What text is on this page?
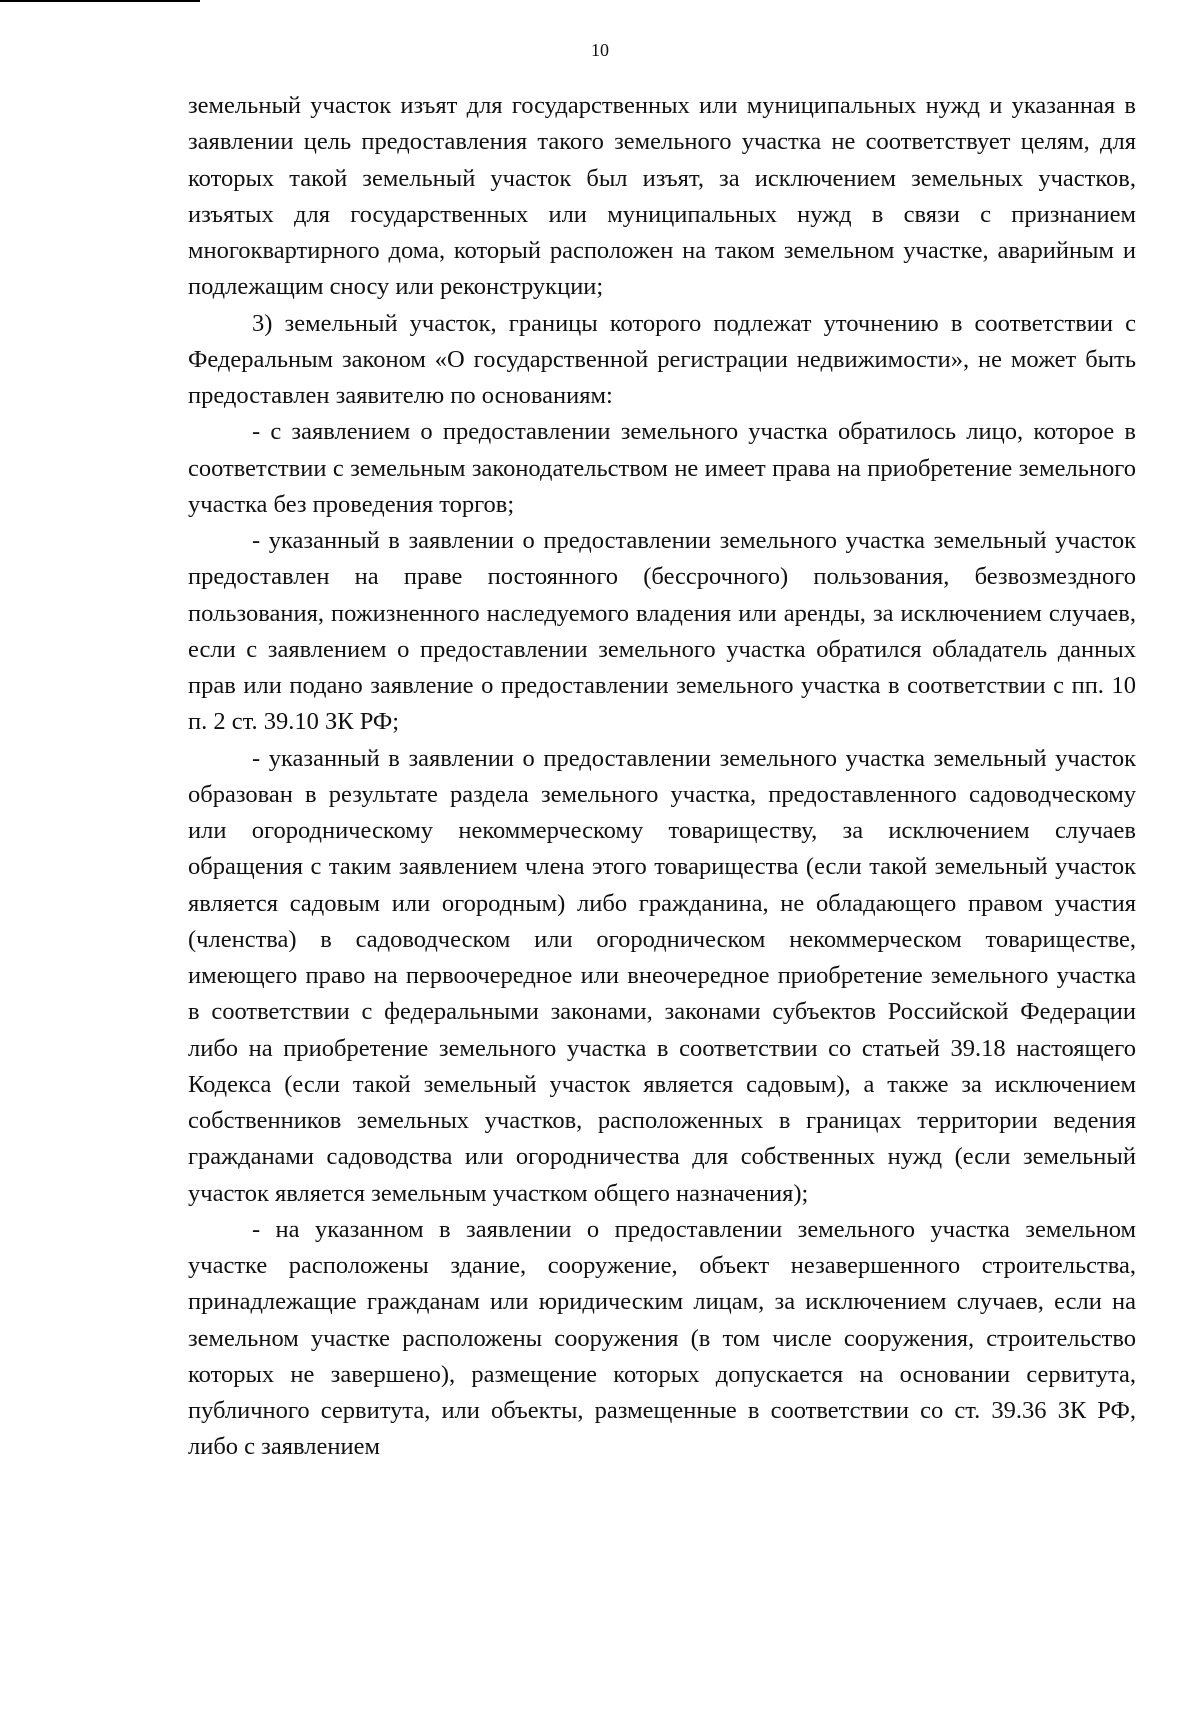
10

земельный участок изъят для государственных или муниципальных нужд и указанная в заявлении цель предоставления такого земельного участка не соответствует целям, для которых такой земельный участок был изъят, за исключением земельных участков, изъятых для государственных или муниципальных нужд в связи с признанием многоквартирного дома, который расположен на таком земельном участке, аварийным и подлежащим сносу или реконструкции;

3) земельный участок, границы которого подлежат уточнению в соответствии с Федеральным законом «О государственной регистрации недвижимости», не может быть предоставлен заявителю по основаниям:

- с заявлением о предоставлении земельного участка обратилось лицо, которое в соответствии с земельным законодательством не имеет права на приобретение земельного участка без проведения торгов;

- указанный в заявлении о предоставлении земельного участка земельный участок предоставлен на праве постоянного (бессрочного) пользования, безвозмездного пользования, пожизненного наследуемого владения или аренды, за исключением случаев, если с заявлением о предоставлении земельного участка обратился обладатель данных прав или подано заявление о предоставлении земельного участка в соответствии с пп. 10 п. 2 ст. 39.10 ЗК РФ;

- указанный в заявлении о предоставлении земельного участка земельный участок образован в результате раздела земельного участка, предоставленного садоводческому или огородническому некоммерческому товариществу, за исключением случаев обращения с таким заявлением члена этого товарищества (если такой земельный участок является садовым или огородным) либо гражданина, не обладающего правом участия (членства) в садоводческом или огородническом некоммерческом товариществе, имеющего право на первоочередное или внеочередное приобретение земельного участка в соответствии с федеральными законами, законами субъектов Российской Федерации либо на приобретение земельного участка в соответствии со статьей 39.18 настоящего Кодекса (если такой земельный участок является садовым), а также за исключением собственников земельных участков, расположенных в границах территории ведения гражданами садоводства или огородничества для собственных нужд (если земельный участок является земельным участком общего назначения);

- на указанном в заявлении о предоставлении земельного участка земельном участке расположены здание, сооружение, объект незавершенного строительства, принадлежащие гражданам или юридическим лицам, за исключением случаев, если на земельном участке расположены сооружения (в том числе сооружения, строительство которых не завершено), размещение которых допускается на основании сервитута, публичного сервитута, или объекты, размещенные в соответствии со ст. 39.36 ЗК РФ, либо с заявлением
